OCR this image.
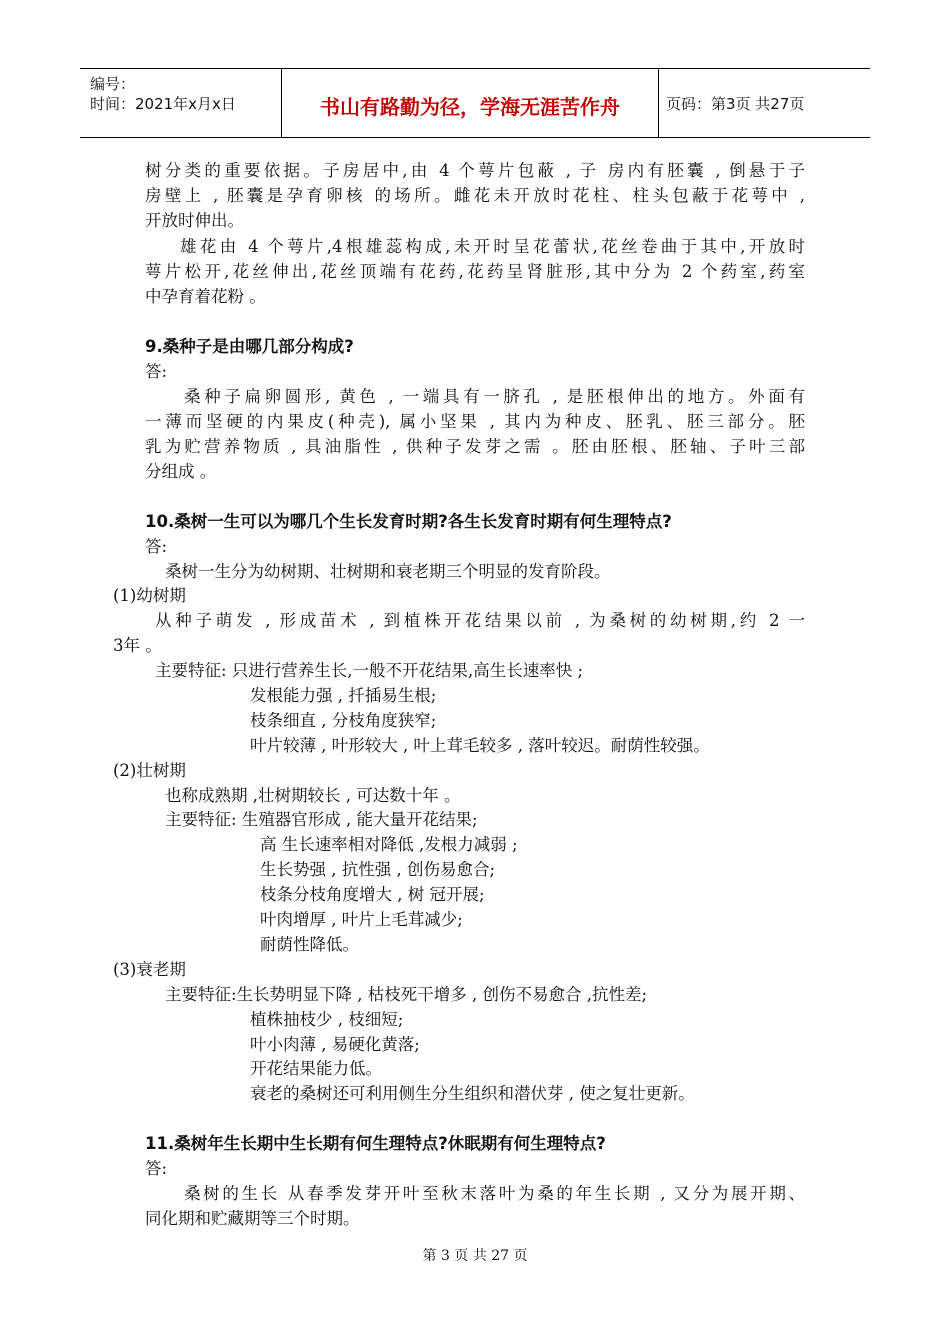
编号：
时间：2021年x月x日	书山有路勤为径，学海无涯苦作舟	页码：第3页 共27页
树分类的重要依据。子房居中,由 4 个萼片包蔽 , 子 房内有胚囊 , 倒悬于子
房壁上 , 胚囊是孕育卵核 的场所。雌花未开放时花柱、柱头包蔽于花萼中 ,
开放时伸出。
雄花由 4 个萼片,4根雄蕊构成,未开时呈花蕾状,花丝卷曲于其中,开放时
萼片松开,花丝伸出,花丝顶端有花药,花药呈肾脏形,其中分为 2 个药室,药室
中孕育着花粉 。
9.桑种子是由哪几部分构成?
答:
桑种子扁卵圆形, 黄色 , 一端具有一脐孔 , 是胚根伸出的地方。外面有
一薄而坚硬的内果皮(种壳), 属小坚果 , 其内为种皮、胚乳、胚三部分。胚
乳为贮营养物质 , 具油脂性 , 供种子发芽之需 。胚由胚根、胚轴、子叶三部
分组成 。
10.桑树一生可以为哪几个生长发育时期?各生长发育时期有何生理特点?
答:
桑树一生分为幼树期、壮树期和衰老期三个明显的发育阶段。
(1)幼树期
从种子萌发 , 形成苗术 , 到植株开花结果以前 , 为桑树的幼树期,约 2 一
3年 。
主要特征: 只进行营养生长,一般不开花结果,高生长速率快 ;
发根能力强 , 扦插易生根;
枝条细直 , 分枝角度狭窄;
叶片较薄 , 叶形较大 , 叶上茸毛较多 , 落叶较迟。耐荫性较强。
(2)壮树期
也称成熟期 ,壮树期较长 , 可达数十年 。
主要特征: 生殖器官形成 , 能大量开花结果;
高 生长速率相对降低 ,发根力减弱 ;
生长势强 , 抗性强 , 创伤易愈合;
枝条分枝角度增大 , 树 冠开展;
叶肉增厚 , 叶片上毛茸减少;
耐荫性降低。
(3)衰老期
主要特征:生长势明显下降 , 枯枝死干增多 , 创伤不易愈合 ,抗性差;
植株抽枝少 , 枝细短;
叶小肉薄 , 易硬化黄落;
开花结果能力低。
衰老的桑树还可利用侧生分生组织和潜伏芽 , 使之复壮更新。
11.桑树年生长期中生长期有何生理特点?休眠期有何生理特点?
答:
桑树的生长 从春季发芽开叶至秋末落叶为桑的年生长期 , 又分为展开期、
同化期和贮藏期等三个时期。
第 3 页 共 27 页
